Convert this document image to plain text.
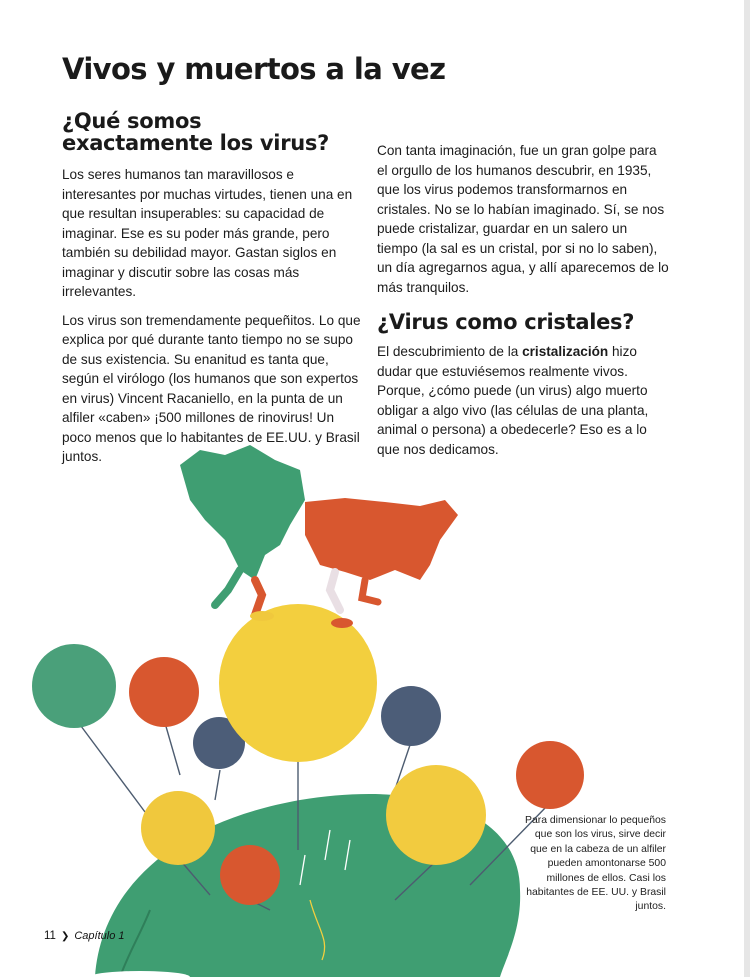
Vivos y muertos a la vez
¿Qué somos
exactamente los virus?

Los seres humanos tan maravillosos e interesantes por muchas virtudes, tienen una en que resultan insuperables: su capacidad de imaginar. Ese es su poder más grande, pero también su debilidad mayor. Gastan siglos en imaginar y discutir sobre las cosas más irrelevantes.

Los virus son tremendamente pequeñitos. Lo que explica por qué durante tanto tiempo no se supo de sus existencia. Su enanitud es tanta que, según el virólogo (los humanos que son expertos en virus) Vincent Racaniello, en la punta de un alfiler «caben» ¡500 millones de rinovirus! Un poco menos que lo habitantes de EE.UU. y Brasil juntos.

Con tanta imaginación, fue un gran golpe para el orgullo de los humanos descubrir, en 1935, que los virus podemos transformarnos en cristales. No se lo habían imaginado. Sí, se nos puede cristalizar, guardar en un salero un tiempo (la sal es un cristal, por si no lo saben), un día agregarnos agua, y allí aparecemos de lo más tranquilos.

¿Virus como cristales?

El descubrimiento de la cristalización hizo dudar que estuviésemos realmente vivos. Porque, ¿cómo puede (un virus) algo muerto obligar a algo vivo (las células de una planta, animal o persona) a obedecerle? Eso es a lo que nos dedicamos.

Para dimensionar lo pequeños que son los virus, sirve decir que en la cabeza de un alfiler pueden amontonarse 500 millones de ellos. Casi los habitantes de EE. UU. y Brasil juntos.
11 ❯ Capítulo 1
